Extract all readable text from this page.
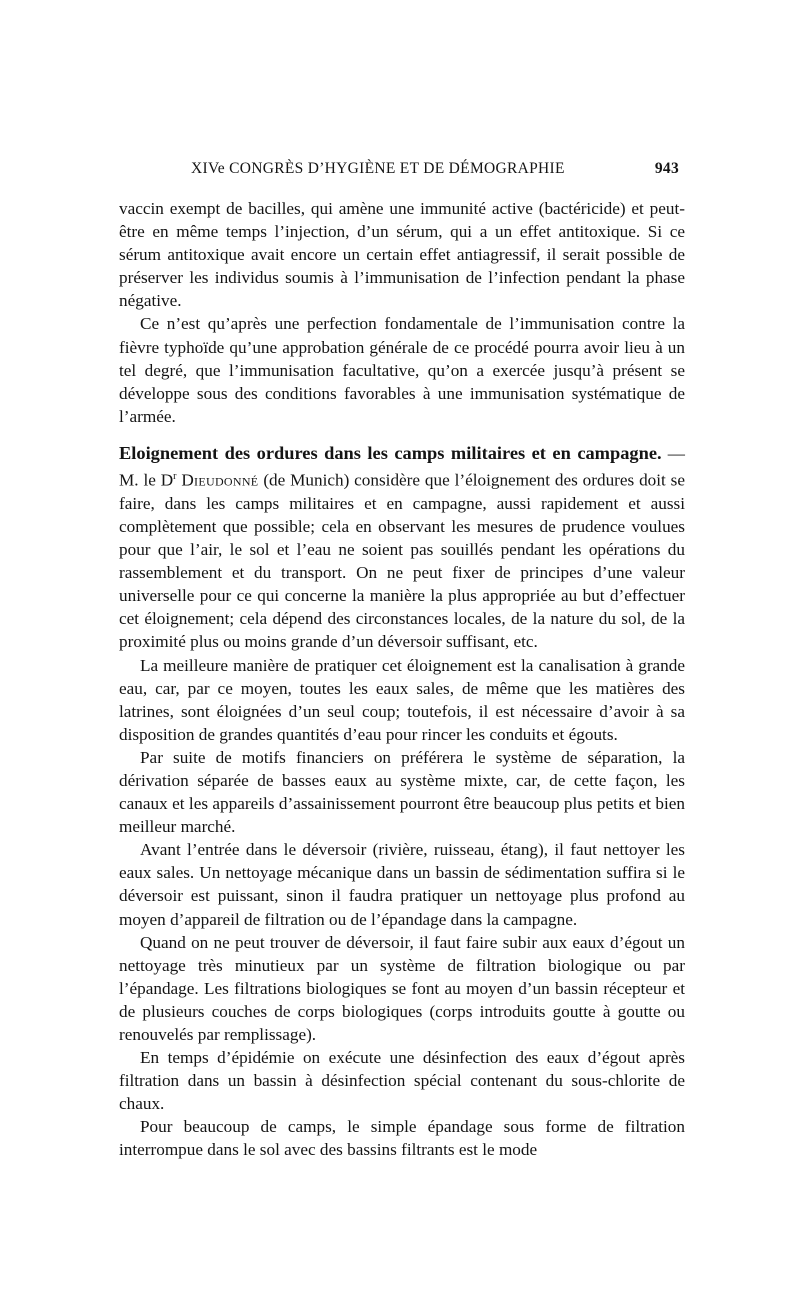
XIVe CONGRÈS D’HYGIÈNE ET DE DÉMOGRAPHIE	943

vaccin exempt de bacilles, qui amène une immunité active (bactéricide) et peut-être en même temps l’injection, d’un sérum, qui a un effet antitoxique. Si ce sérum antitoxique avait encore un certain effet antiagressif, il serait possible de préserver les individus soumis à l’immunisation de l’infection pendant la phase négative.

Ce n’est qu’après une perfection fondamentale de l’immunisation contre la fièvre typhoïde qu’une approbation générale de ce procédé pourra avoir lieu à un tel degré, que l’immunisation facultative, qu’on a exercée jusqu’à présent se développe sous des conditions favorables à une immunisation systématique de l’armée.

Eloignement des ordures dans les camps militaires et en campagne. — M. le $D^r$ Dieudonné (de Munich) considère que l’éloignement des ordures doit se faire, dans les camps militaires et en campagne, aussi rapidement et aussi complètement que possible; cela en observant les mesures de prudence voulues pour que l’air, le sol et l’eau ne soient pas souillés pendant les opérations du rassemblement et du transport. On ne peut fixer de principes d’une valeur universelle pour ce qui concerne la manière la plus appropriée au but d’effectuer cet éloignement; cela dépend des circonstances locales, de la nature du sol, de la proximité plus ou moins grande d’un déversoir suffisant, etc.

La meilleure manière de pratiquer cet éloignement est la canalisation à grande eau, car, par ce moyen, toutes les eaux sales, de même que les matières des latrines, sont éloignées d’un seul coup; toutefois, il est nécessaire d’avoir à sa disposition de grandes quantités d’eau pour rincer les conduits et égouts.

Par suite de motifs financiers on préférera le système de séparation, la dérivation séparée de basses eaux au système mixte, car, de cette façon, les canaux et les appareils d’assainissement pourront être beaucoup plus petits et bien meilleur marché.

Avant l’entrée dans le déversoir (rivière, ruisseau, étang), il faut nettoyer les eaux sales. Un nettoyage mécanique dans un bassin de sédimentation suffira si le déversoir est puissant, sinon il faudra pratiquer un nettoyage plus profond au moyen d’appareil de filtration ou de l’épandage dans la campagne.

Quand on ne peut trouver de déversoir, il faut faire subir aux eaux d’égout un nettoyage très minutieux par un système de filtration biologique ou par l’épandage. Les filtrations biologiques se font au moyen d’un bassin récepteur et de plusieurs couches de corps biologiques (corps introduits goutte à goutte ou renouvelés par remplissage).

En temps d’épidémie on exécute une désinfection des eaux d’égout après filtration dans un bassin à désinfection spécial contenant du sous-chlorite de chaux.

Pour beaucoup de camps, le simple épandage sous forme de filtration interrompue dans le sol avec des bassins filtrants est le mode
